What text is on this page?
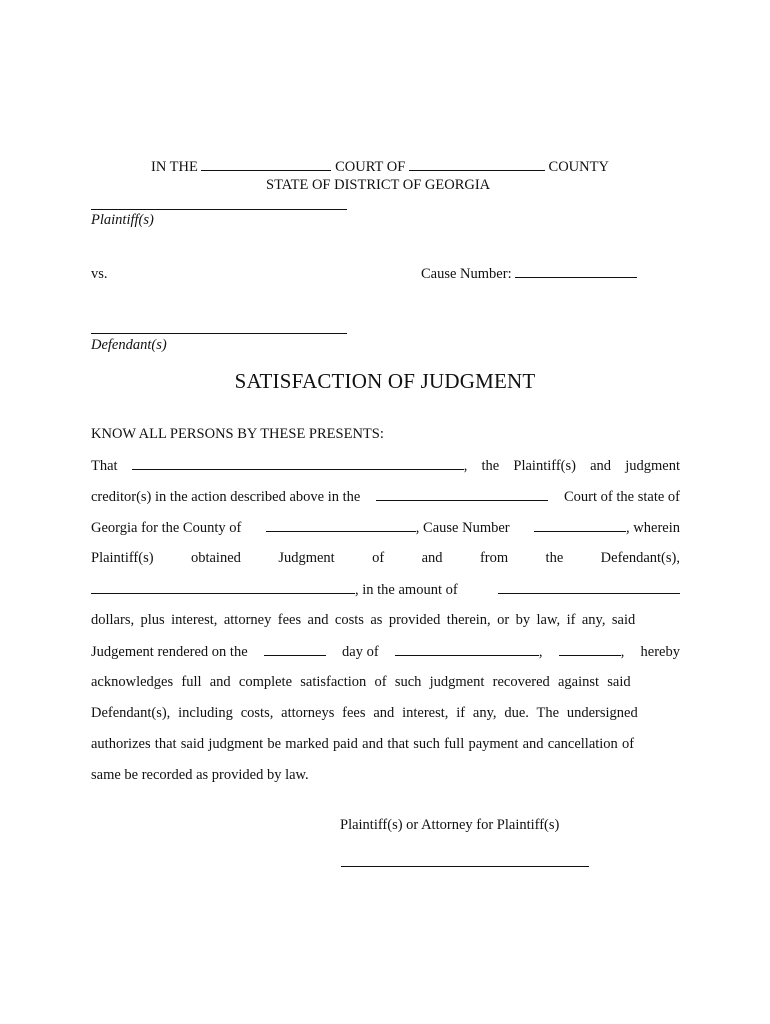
IN THE	COURT OF	COUNTY
STATE OF DISTRICT OF GEORGIA
Plaintiff(s)
vs.	Cause Number:
Defendant(s)
SATISFACTION OF JUDGMENT
KNOW ALL PERSONS BY THESE PRESENTS:
That	, the Plaintiff(s) and judgment
creditor(s) in the action described above in the	Court of the state of
Georgia for the County of	, Cause Number	, wherein
Plaintiff(s)	obtained	Judgment	of	and	from	the	Defendant(s),
, in the amount of
dollars, plus interest, attorney fees and costs as provided therein, or by law, if any, said
Judgement rendered on the	day of	,	, hereby
acknowledges full and complete satisfaction of such judgment recovered against said
Defendant(s), including costs, attorneys fees and interest, if any, due. The undersigned
authorizes that said judgment be marked paid and that such full payment and cancellation of
same be recorded as provided by law.
Plaintiff(s) or Attorney for Plaintiff(s)
